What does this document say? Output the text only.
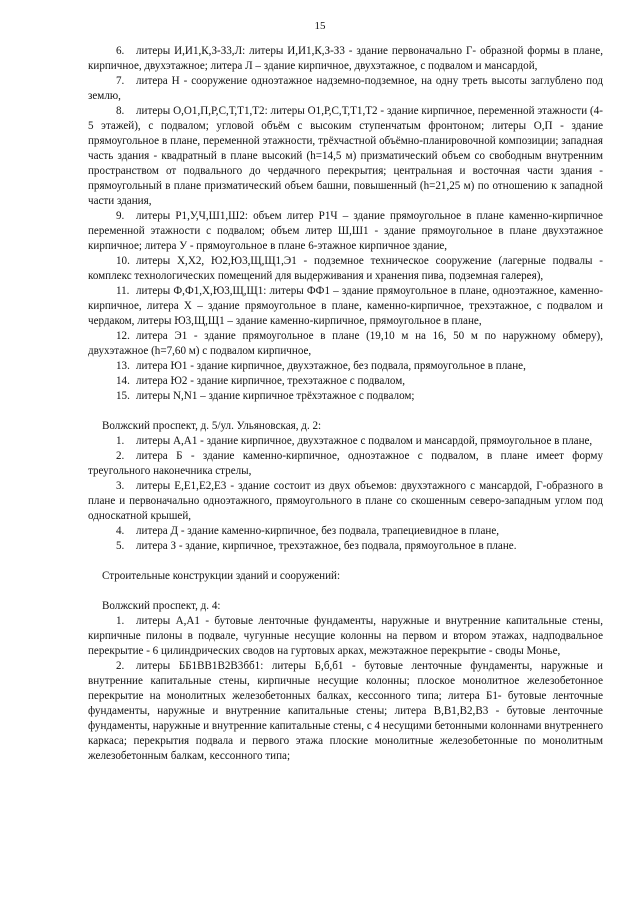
15

6. литеры И,И1,К,З-З3,Л: литеры И,И1,К,З-З3 - здание первоначально Г- образной формы в плане, кирпичное, двухэтажное; литера Л – здание кирпичное, двухэтажное, с подвалом и мансардой,

7. литера Н - сооружение одноэтажное надземно-подземное, на одну треть высоты заглублено под землю,

8. литеры О,О1,П,Р,С,Т,Т1,Т2: литеры О1,Р,С,Т,Т1,Т2 - здание кирпичное, переменной этажности (4-5 этажей), с подвалом; угловой объём с высоким ступенчатым фронтоном; литеры О,П - здание прямоугольное в плане, переменной этажности, трёхчастной объёмно-планировочной композиции; западная часть здания - квадратный в плане высокий (h=14,5 м) призматический объем со свободным внутренним пространством от подвального до чердачного перекрытия; центральная и восточная части здания - прямоугольный в плане призматический объем башни, повышенный (h=21,25 м) по отношению к западной части здания,

9. литеры Р1,У,Ч,Ш1,Ш2: объем литер Р1Ч – здание прямоугольное в плане каменно-кирпичное переменной этажности с подвалом; объем литер Ш,Ш1 - здание прямоугольное в плане двухэтажное кирпичное; литера У - прямоугольное в плане 6-этажное кирпичное здание,

10. литеры Х,Х2, Ю2,Ю3,Щ,Щ1,Э1 - подземное техническое сооружение (лагерные подвалы - комплекс технологических помещений для выдерживания и хранения пива, подземная галерея),

11. литеры Ф,Ф1,Х,Ю3,Щ,Щ1: литеры ФФ1 – здание прямоугольное в плане, одноэтажное, каменно-кирпичное, литера Х – здание прямоугольное в плане, каменно-кирпичное, трехэтажное, с подвалом и чердаком, литеры Ю3,Щ,Щ1 – здание каменно-кирпичное, прямоугольное в плане,

12. литера Э1 - здание прямоугольное в плане (19,10 м на 16, 50 м по наружному обмеру), двухэтажное (h=7,60 м) с подвалом кирпичное,

13. литера Ю1 - здание кирпичное, двухэтажное, без подвала, прямоугольное в плане,

14. литера Ю2 - здание кирпичное, трехэтажное с подвалом,

15. литеры N,N1 – здание кирпичное трёхэтажное с подвалом;

Волжский проспект, д. 5/ул. Ульяновская, д. 2:

1. литеры А,А1 - здание кирпичное, двухэтажное с подвалом и мансардой, прямоугольное в плане,

2. литера Б - здание каменно-кирпичное, одноэтажное с подвалом, в плане имеет форму треугольного наконечника стрелы,

3. литеры Е,Е1,Е2,Е3 - здание состоит из двух объемов: двухэтажного с мансардой, Г-образного в плане и первоначально одноэтажного, прямоугольного в плане со скошенным северо-западным углом под односкатной крышей,

4. литера Д - здание каменно-кирпичное, без подвала, трапециевидное в плане,

5. литера З - здание, кирпичное, трехэтажное, без подвала, прямоугольное в плане.

Строительные конструкции зданий и сооружений:

Волжский проспект, д. 4:

1. литеры А,А1 - бутовые ленточные фундаменты, наружные и внутренние капитальные стены, кирпичные пилоны в подвале, чугунные несущие колонны на первом и втором этажах, надподвальное перекрытие - 6 цилиндрических сводов на гуртовых арках, межэтажное перекрытие - своды Монье,

2. литеры ББ1ВВ1В2В3бб1: литеры Б,б,б1 - бутовые ленточные фундаменты, наружные и внутренние капитальные стены, кирпичные несущие колонны; плоское монолитное железобетонное перекрытие на монолитных железобетонных балках, кессонного типа; литера Б1- бутовые ленточные фундаменты, наружные и внутренние капитальные стены; литера В,В1,В2,В3 - бутовые ленточные фундаменты, наружные и внутренние капитальные стены, с 4 несущими бетонными колоннами внутреннего каркаса; перекрытия подвала и первого этажа плоские монолитные железобетонные по монолитным железобетонным балкам, кессонного типа;
